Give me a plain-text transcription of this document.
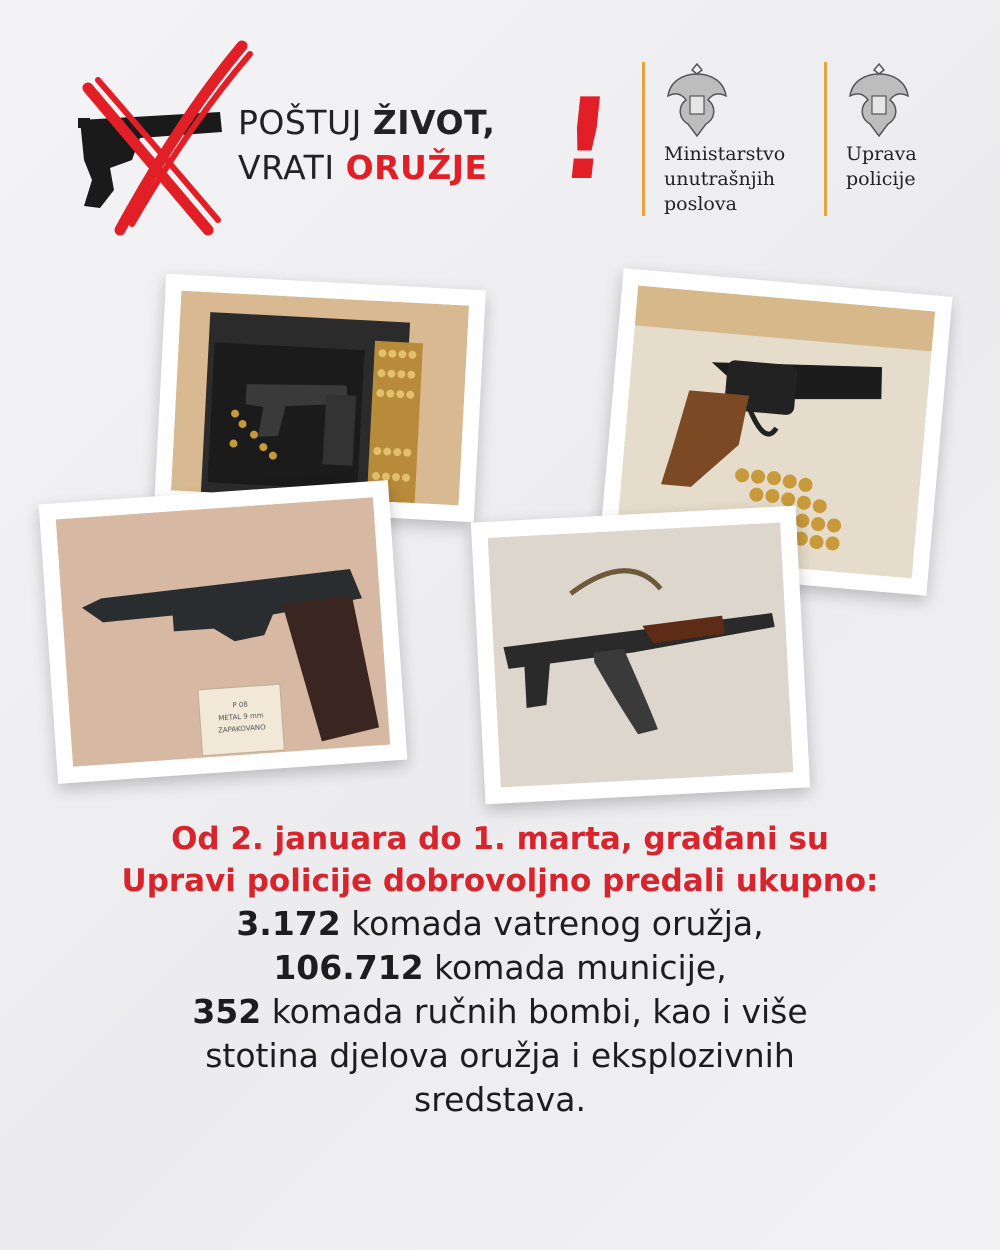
POŠTUJ ŽIVOT,
VRATI ORUŽJE ! Ministarstvo
unutrašnjih
poslova
Uprava
policije
P 08
METAL 9 mm
ZAPAKOVANO
Od 2. januara do 1. marta, građani su
Upravi policije dobrovoljno predali ukupno:
3.172 komada vatrenog oružja,
106.712 komada municije,
352 komada ručnih bombi, kao i više
stotina djelova oružja i eksplozivnih
sredstava.
